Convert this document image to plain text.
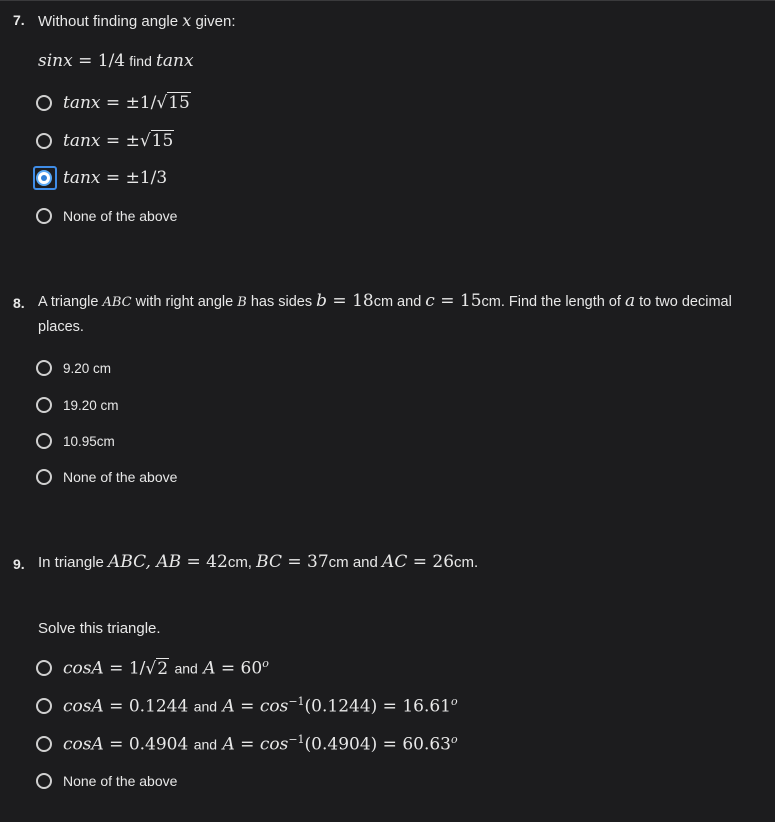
7. Without finding angle x given:
sinx = 1/4 find tanx
tanx = ±1/√15
tanx = ±√15
tanx = ±1/3
None of the above
8. A triangle ABC with right angle B has sides b = 18cm and c = 15cm. Find the length of a to two decimal
places.
9.20 cm
19.20 cm
10.95cm
None of the above
9. In triangle ABC, AB = 42cm, BC = 37cm and AC = 26cm.
Solve this triangle.
cosA = 1/√2 and $A = 60^o$
cosA = 0.1244 and $A = \cos^{-1}(0.1244) = 16.61^o$
cosA = 0.4904 and $A = \cos^{-1}(0.4904) = 60.63^o$
None of the above
